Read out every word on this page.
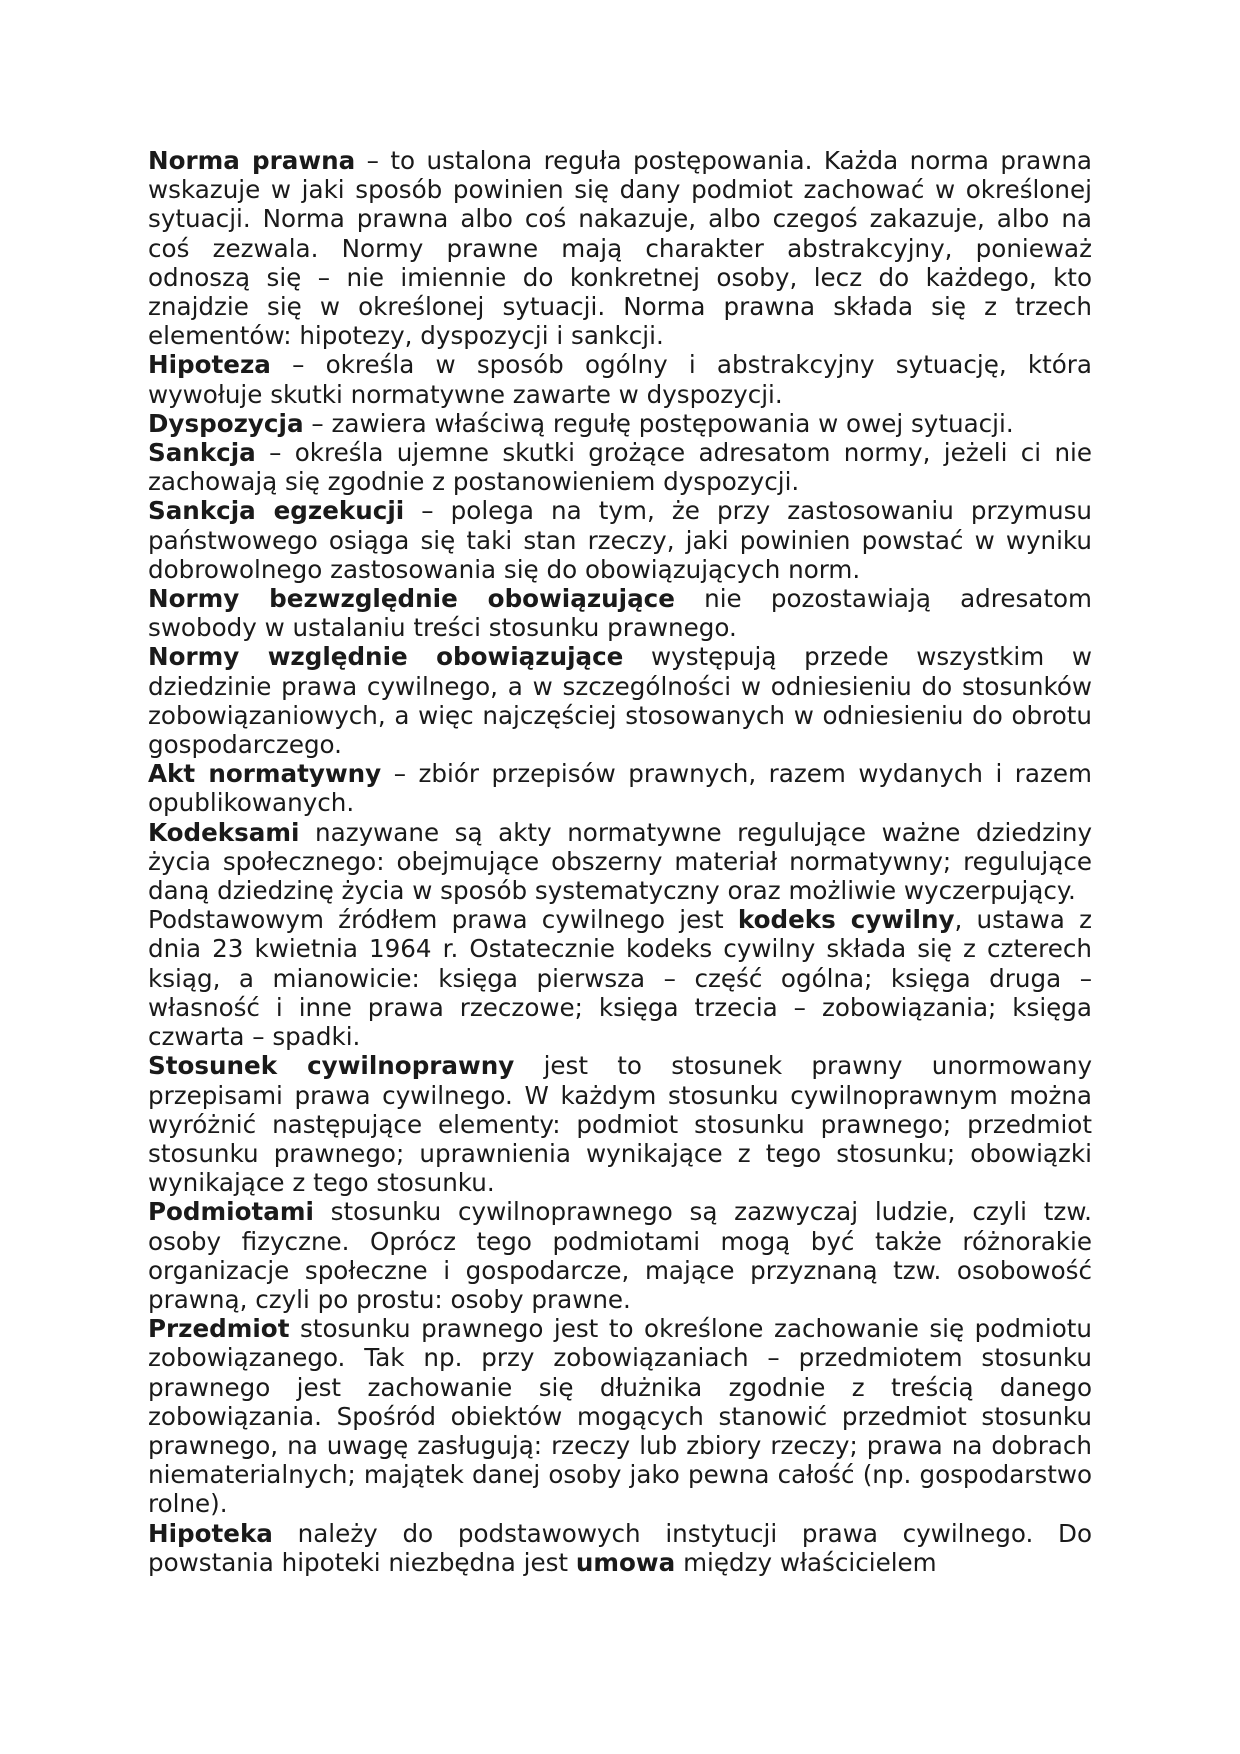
Norma prawna – to ustalona reguła postępowania. Każda norma prawna wskazuje w jaki sposób powinien się dany podmiot zachować w określonej sytuacji. Norma prawna albo coś nakazuje, albo czegoś zakazuje, albo na coś zezwala. Normy prawne mają charakter abstrakcyjny, ponieważ odnoszą się – nie imiennie do konkretnej osoby, lecz do każdego, kto znajdzie się w określonej sytuacji. Norma prawna składa się z trzech elementów: hipotezy, dyspozycji i sankcji.

Hipoteza – określa w sposób ogólny i abstrakcyjny sytuację, która wywołuje skutki normatywne zawarte w dyspozycji.

Dyspozycja – zawiera właściwą regułę postępowania w owej sytuacji.

Sankcja – określa ujemne skutki grożące adresatom normy, jeżeli ci nie zachowają się zgodnie z postanowieniem dyspozycji.

Sankcja egzekucji – polega na tym, że przy zastosowaniu przymusu państwowego osiąga się taki stan rzeczy, jaki powinien powstać w wyniku dobrowolnego zastosowania się do obowiązujących norm.

Normy bezwzględnie obowiązujące nie pozostawiają adresatom swobody w ustalaniu treści stosunku prawnego.

Normy względnie obowiązujące występują przede wszystkim w dziedzinie prawa cywilnego, a w szczególności w odniesieniu do stosunków zobowiązaniowych, a więc najczęściej stosowanych w odniesieniu do obrotu gospodarczego.

Akt normatywny – zbiór przepisów prawnych, razem wydanych i razem opublikowanych.

Kodeksami nazywane są akty normatywne regulujące ważne dziedziny życia społecznego: obejmujące obszerny materiał normatywny; regulujące daną dziedzinę życia w sposób systematyczny oraz możliwie wyczerpujący.

Podstawowym źródłem prawa cywilnego jest kodeks cywilny, ustawa z dnia 23 kwietnia 1964 r. Ostatecznie kodeks cywilny składa się z czterech ksiąg, a mianowicie: księga pierwsza – część ogólna; księga druga – własność i inne prawa rzeczowe; księga trzecia – zobowiązania; księga czwarta – spadki.

Stosunek cywilnoprawny jest to stosunek prawny unormowany przepisami prawa cywilnego. W każdym stosunku cywilnoprawnym można wyróżnić następujące elementy: podmiot stosunku prawnego; przedmiot stosunku prawnego; uprawnienia wynikające z tego stosunku; obowiązki wynikające z tego stosunku.

Podmiotami stosunku cywilnoprawnego są zazwyczaj ludzie, czyli tzw. osoby fizyczne. Oprócz tego podmiotami mogą być także różnorakie organizacje społeczne i gospodarcze, mające przyznaną tzw. osobowość prawną, czyli po prostu: osoby prawne.

Przedmiot stosunku prawnego jest to określone zachowanie się podmiotu zobowiązanego. Tak np. przy zobowiązaniach – przedmiotem stosunku prawnego jest zachowanie się dłużnika zgodnie z treścią danego zobowiązania. Spośród obiektów mogących stanowić przedmiot stosunku prawnego, na uwagę zasługują: rzeczy lub zbiory rzeczy; prawa na dobrach niematerialnych; majątek danej osoby jako pewna całość (np. gospodarstwo rolne).

Hipoteka należy do podstawowych instytucji prawa cywilnego. Do powstania hipoteki niezbędna jest umowa między właścicielem
